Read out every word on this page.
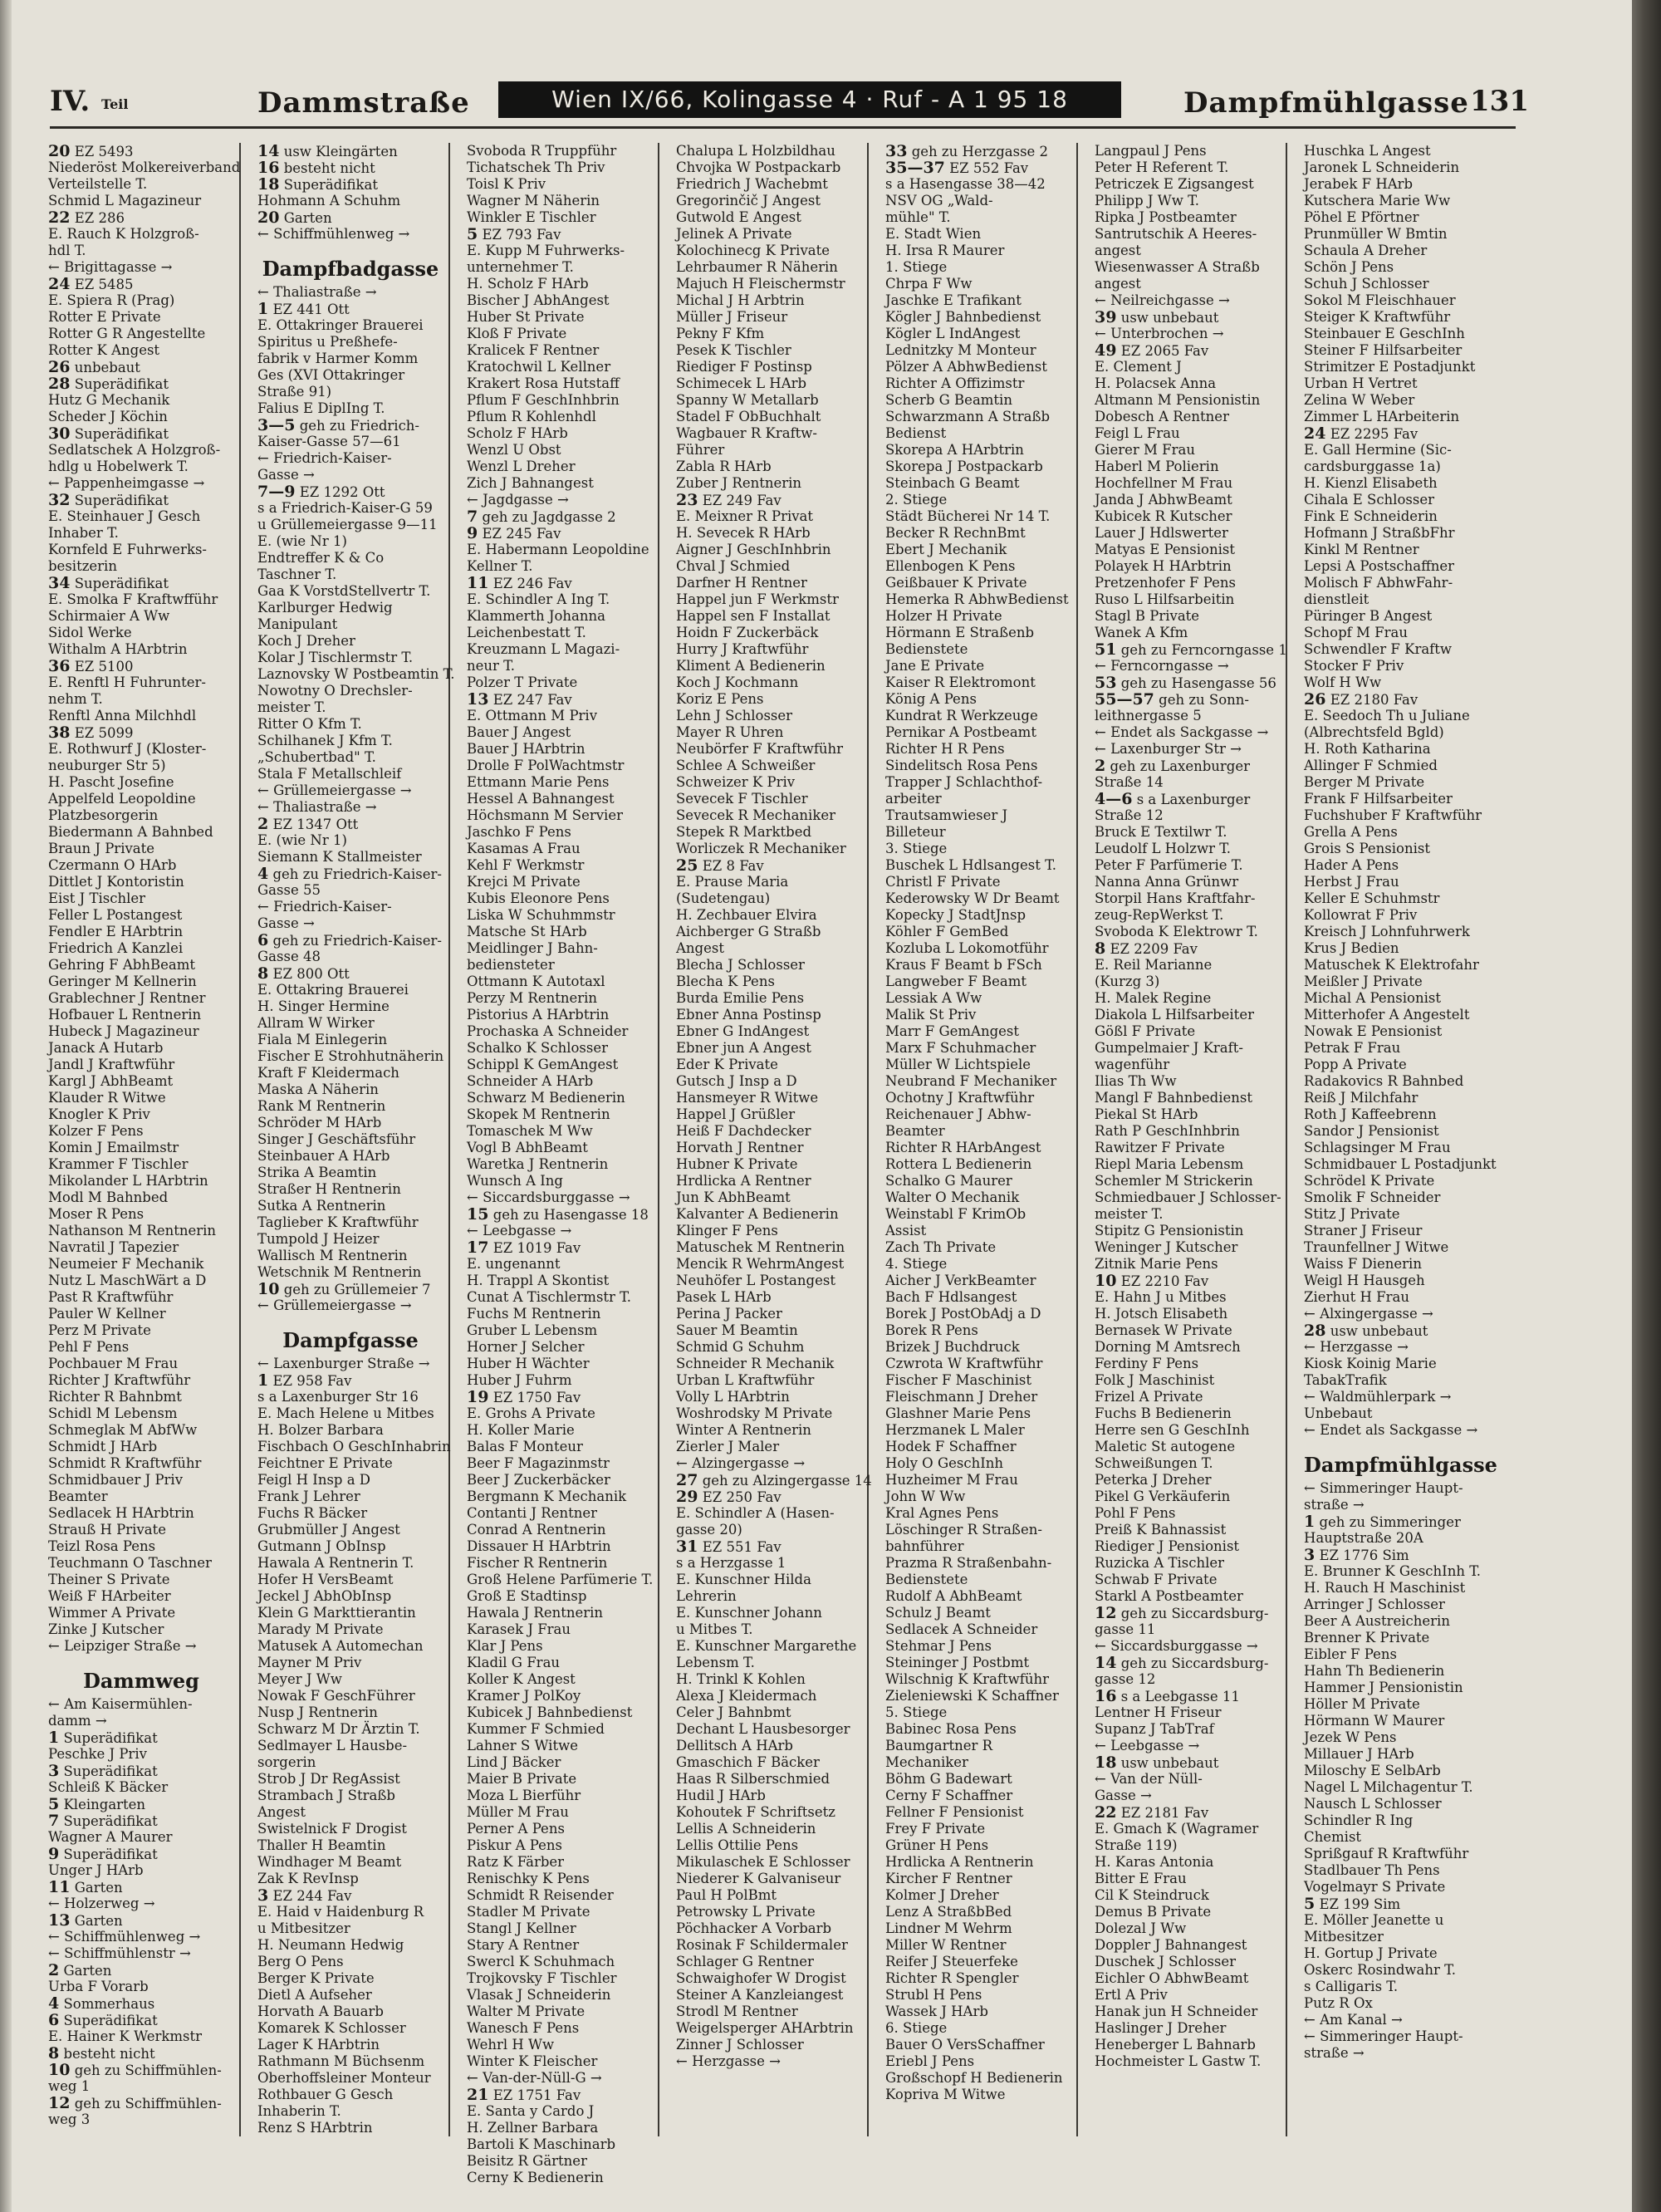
IV. Teil	Dammstraße	Wien IX/66, Kolingasse 4 · Ruf - A 1 95 18	Dampfmühlgasse 131
20 EZ 5493
Niederöst Molkereiverband
Verteilstelle T.
Schmid L Magazineur
22 EZ 286
E. Rauch K Holzgroß-
hdl T.
← Brigittagasse →
24 EZ 5485
E. Spiera R (Prag)
Rotter E Private
Rotter G R Angestellte
Rotter K Angest
26 unbebaut
28 Superädifikat
Hutz G Mechanik
Scheder J Köchin
30 Superädifikat
Sedlatschek A Holzgroß-
hdlg u Hobelwerk T.
← Pappenheimgasse →
32 Superädifikat
E. Steinhauer J Gesch
Inhaber T.
Kornfeld E Fuhrwerks-
besitzerin
34 Superädifikat
E. Smolka F Kraftwfführ
Schirmaier A Ww
Sidol Werke
Withalm A HArbtrin
36 EZ 5100
E. Renftl H Fuhrunter-
nehm T.
Renftl Anna Milchhdl
38 EZ 5099
E. Rothwurf J (Kloster-
neuburger Str 5)
H. Pascht Josefine
Appelfeld Leopoldine
Platzbesorgerin
Biedermann A Bahnbed
Braun J Private
Czermann O HArb
Dittlet J Kontoristin
Eist J Tischler
Feller L Postangest
Fendler E HArbtrin
Friedrich A Kanzlei
Gehring F AbhBeamt
Geringer M Kellnerin
Grablechner J Rentner
Hofbauer L Rentnerin
Hubeck J Magazineur
Janack A Hutarb
Jandl J Kraftwführ
Kargl J AbhBeamt
Klauder R Witwe
Knogler K Priv
Kolzer F Pens
Komin J Emailmstr
Krammer F Tischler
Mikolander L HArbtrin
Modl M Bahnbed
Moser R Pens
Nathanson M Rentnerin
Navratil J Tapezier
Neumeier F Mechanik
Nutz L MaschWärt a D
Past R Kraftwführ
Pauler W Kellner
Perz M Private
Pehl F Pens
Pochbauer M Frau
Richter J Kraftwführ
Richter R Bahnbmt
Schidl M Lebensm
Schmeglak M AbfWw
Schmidt J HArb
Schmidt R Kraftwführ
Schmidbauer J Priv
Beamter
Sedlacek H HArbtrin
Strauß H Private
Teizl Rosa Pens
Teuchmann O Taschner
Theiner S Private
Weiß F HArbeiter
Wimmer A Private
Zinke J Kutscher
← Leipziger Straße →
Dammweg
← Am Kaisermühlen-
damm →
1 Superädifikat
Peschke J Priv
3 Superädifikat
Schleiß K Bäcker
5 Kleingarten
7 Superädifikat
Wagner A Maurer
9 Superädifikat
Unger J HArb
11 Garten
← Holzerweg →
13 Garten
← Schiffmühlenweg →
← Schiffmühlenstr →
2 Garten
Urba F Vorarb
4 Sommerhaus
6 Superädifikat
E. Hainer K Werkmstr
8 besteht nicht
10 geh zu Schiffmühlen-
weg 1
12 geh zu Schiffmühlen-
weg 3
14 usw Kleingärten
16 besteht nicht
18 Superädifikat
Hohmann A Schuhm
20 Garten
← Schiffmühlenweg →
Dampfbadgasse
← Thaliastraße →
1 EZ 441 Ott
E. Ottakringer Brauerei
Spiritus u Preßhefe-
fabrik v Harmer Komm
Ges (XVI Ottakringer
Straße 91)
Falius E DiplIng T.
3—5 geh zu Friedrich-
Kaiser-Gasse 57—61
← Friedrich-Kaiser-
Gasse →
7—9 EZ 1292 Ott
s a Friedrich-Kaiser-G 59
u Grüllemeiergasse 9—11
E. (wie Nr 1)
Endtreffer K & Co
Taschner T.
Gaa K VorstdStellvertr T.
Karlburger Hedwig
Manipulant
Koch J Dreher
Kolar J Tischlermstr T.
Laznovsky W Postbeamtin T.
Nowotny O Drechsler-
meister T.
Ritter O Kfm T.
Schilhanek J Kfm T.
„Schubertbad" T.
Stala F Metallschleif
← Grüllemeiergasse →
← Thaliastraße →
2 EZ 1347 Ott
E. (wie Nr 1)
Siemann K Stallmeister
4 geh zu Friedrich-Kaiser-
Gasse 55
← Friedrich-Kaiser-
Gasse →
6 geh zu Friedrich-Kaiser-
Gasse 48
8 EZ 800 Ott
E. Ottakring Brauerei
H. Singer Hermine
Allram W Wirker
Fiala M Einlegerin
Fischer E Strohhutnäherin
Kraft F Kleidermach
Maska A Näherin
Rank M Rentnerin
Schröder M HArb
Singer J Geschäftsführ
Steinbauer A HArb
Strika A Beamtin
Straßer H Rentnerin
Sutka A Rentnerin
Taglieber K Kraftwführ
Tumpold J Heizer
Wallisch M Rentnerin
Wetschnik M Rentnerin
10 geh zu Grüllemeier 7
← Grüllemeiergasse →
Dampfgasse
← Laxenburger Straße →
1 EZ 958 Fav
s a Laxenburger Str 16
E. Mach Helene u Mitbes
H. Bolzer Barbara
Fischbach O GeschInhabrin
Feichtner E Private
Feigl H Insp a D
Frank J Lehrer
Fuchs R Bäcker
Grubmüller J Angest
Gutmann J ObInsp
Hawala A Rentnerin T.
Hofer H VersBeamt
Jeckel J AbhObInsp
Klein G Markttierantin
Marady M Private
Matusek A Automechan
Mayner M Priv
Meyer J Ww
Nowak F GeschFührer
Nusp J Rentnerin
Schwarz M Dr Ärztin T.
Sedlmayer L Hausbe-
sorgerin
Strob J Dr RegAssist
Strambach J Straßb
Angest
Swistelnick F Drogist
Thaller H Beamtin
Windhager M Beamt
Zak K RevInsp
3 EZ 244 Fav
E. Haid v Haidenburg R
u Mitbesitzer
H. Neumann Hedwig
Berg O Pens
Berger K Private
Dietl A Aufseher
Horvath A Bauarb
Komarek K Schlosser
Lager K HArbtrin
Rathmann M Büchsenm
Oberhoffsleiner Monteur
Rothbauer G Gesch
Inhaberin T.
Renz S HArbtrin
Svoboda R Truppführ
Tichatschek Th Priv
Toisl K Priv
Wagner M Näherin
Winkler E Tischler
5 EZ 793 Fav
E. Kupp M Fuhrwerks-
unternehmer T.
H. Scholz F HArb
Bischer J AbhAngest
Huber St Private
Kloß F Private
Kralicek F Rentner
Kratochwil L Kellner
Krakert Rosa Hutstaff
Pflum F GeschInhbrin
Pflum R Kohlenhdl
Scholz F HArb
Wenzl U Obst
Wenzl L Dreher
Zich J Bahnangest
← Jagdgasse →
7 geh zu Jagdgasse 2
9 EZ 245 Fav
E. Habermann Leopoldine
Kellner T.
11 EZ 246 Fav
E. Schindler A Ing T.
Klammerth Johanna
Leichenbestatt T.
Kreuzmann L Magazi-
neur T.
Polzer T Private
13 EZ 247 Fav
E. Ottmann M Priv
Bauer J Angest
Bauer J HArbtrin
Drolle F PolWachtmstr
Ettmann Marie Pens
Hessel A Bahnangest
Höchsmann M Servier
Jaschko F Pens
Kasamas A Frau
Kehl F Werkmstr
Krejci M Private
Kubis Eleonore Pens
Liska W Schuhmmstr
Matsche St HArb
Meidlinger J Bahn-
bediensteter
Ottmann K Autotaxl
Perzy M Rentnerin
Pistorius A HArbtrin
Prochaska A Schneider
Schalko K Schlosser
Schippl K GemAngest
Schneider A HArb
Schwarz M Bedienerin
Skopek M Rentnerin
Tomaschek M Ww
Vogl B AbhBeamt
Waretka J Rentnerin
Wunsch A Ing
← Siccardsburggasse →
15 geh zu Hasengasse 18
← Leebgasse →
17 EZ 1019 Fav
E. ungenannt
H. Trappl A Skontist
Cunat A Tischlermstr T.
Fuchs M Rentnerin
Gruber L Lebensm
Horner J Selcher
Huber H Wächter
Huber J Fuhrm
19 EZ 1750 Fav
E. Grohs A Private
H. Koller Marie
Balas F Monteur
Beer F Magazinmstr
Beer J Zuckerbäcker
Bergmann K Mechanik
Contanti J Rentner
Conrad A Rentnerin
Dissauer H HArbtrin
Fischer R Rentnerin
Groß Helene Parfümerie T.
Groß E Stadtinsp
Hawala J Rentnerin
Karasek J Frau
Klar J Pens
Kladil G Frau
Koller K Angest
Kramer J PolKoy
Kubicek J Bahnbedienst
Kummer F Schmied
Lahner S Witwe
Lind J Bäcker
Maier B Private
Moza L Bierführ
Müller M Frau
Perner A Pens
Piskur A Pens
Ratz K Färber
Renischky K Pens
Schmidt R Reisender
Stadler M Private
Stangl J Kellner
Stary A Rentner
Swercl K Schuhmach
Trojkovsky F Tischler
Vlasak J Schneiderin
Walter M Private
Wanesch F Pens
Wehrl H Ww
Winter K Fleischer
← Van-der-Nüll-G →
21 EZ 1751 Fav
E. Santa y Cardo J
H. Zellner Barbara
Bartoli K Maschinarb
Beisitz R Gärtner
Cerny K Bedienerin
Chalupa L Holzbildhau
Chvojka W Postpackarb
Friedrich J Wachebmt
Gregorinčič J Angest
Gutwold E Angest
Jelinek A Private
Kolochinecg K Private
Lehrbaumer R Näherin
Majuch H Fleischermstr
Michal J H Arbtrin
Müller J Friseur
Pekny F Kfm
Pesek K Tischler
Riediger F Postinsp
Schimecek L HArb
Spanny W Metallarb
Stadel F ObBuchhalt
Wagbauer R Kraftw-
Führer
Zabla R HArb
Zuber J Rentnerin
23 EZ 249 Fav
E. Meixner R Privat
H. Sevecek R HArb
Aigner J GeschInhbrin
Chval J Schmied
Darfner H Rentner
Happel jun F Werkmstr
Happel sen F Installat
Hoidn F Zuckerbäck
Hurry J Kraftwführ
Kliment A Bedienerin
Koch J Kochmann
Koriz E Pens
Lehn J Schlosser
Mayer R Uhren
Neubörfer F Kraftwführ
Schlee A Schweißer
Schweizer K Priv
Sevecek F Tischler
Sevecek R Mechaniker
Stepek R Marktbed
Worliczek R Mechaniker
25 EZ 8 Fav
E. Prause Maria
(Sudetengau)
H. Zechbauer Elvira
Aichberger G Straßb
Angest
Blecha J Schlosser
Blecha K Pens
Burda Emilie Pens
Ebner Anna Postinsp
Ebner G IndAngest
Ebner jun A Angest
Eder K Private
Gutsch J Insp a D
Hansmeyer R Witwe
Happel J Grüßler
Heiß F Dachdecker
Horvath J Rentner
Hubner K Private
Hrdlicka A Rentner
Jun K AbhBeamt
Kalvanter A Bedienerin
Klinger F Pens
Matuschek M Rentnerin
Mencik R WehrmAngest
Neuhöfer L Postangest
Pasek L HArb
Perina J Packer
Sauer M Beamtin
Schmid G Schuhm
Schneider R Mechanik
Urban L Kraftwführ
Volly L HArbtrin
Woshrodsky M Private
Winter A Rentnerin
Zierler J Maler
← Alzingergasse →
27 geh zu Alzingergasse 14
29 EZ 250 Fav
E. Schindler A (Hasen-
gasse 20)
31 EZ 551 Fav
s a Herzgasse 1
E. Kunschner Hilda
Lehrerin
E. Kunschner Johann
u Mitbes T.
E. Kunschner Margarethe
Lebensm T.
H. Trinkl K Kohlen
Alexa J Kleidermach
Celer J Bahnbmt
Dechant L Hausbesorger
Dellitsch A HArb
Gmaschich F Bäcker
Haas R Silberschmied
Hudil J HArb
Kohoutek F Schriftsetz
Lellis A Schneiderin
Lellis Ottilie Pens
Mikulaschek E Schlosser
Niederer K Galvaniseur
Paul H PolBmt
Petrowsky L Private
Pöchhacker A Vorbarb
Rosinak F Schildermaler
Schlager G Rentner
Schwaighofer W Drogist
Steiner A Kanzleiangest
Strodl M Rentner
Weigelsperger AHArbtrin
Zinner J Schlosser
← Herzgasse →
33 geh zu Herzgasse 2
35—37 EZ 552 Fav
s a Hasengasse 38—42
NSV OG „Wald-
mühle" T.
E. Stadt Wien
H. Irsa R Maurer
1. Stiege
Chrpa F Ww
Jaschke E Trafikant
Kögler J Bahnbedienst
Kögler L IndAngest
Lednitzky M Monteur
Pölzer A AbhwBedienst
Richter A Offizimstr
Scherb G Beamtin
Schwarzmann A Straßb
Bedienst
Skorepa A HArbtrin
Skorepa J Postpackarb
Steinbach G Beamt
2. Stiege
Städt Bücherei Nr 14 T.
Becker R RechnBmt
Ebert J Mechanik
Ellenbogen K Pens
Geißbauer K Private
Hemerka R AbhwBedienst
Holzer H Private
Hörmann E Straßenb
Bedienstete
Jane E Private
Kaiser R Elektromont
König A Pens
Kundrat R Werkzeuge
Pernikar A Postbeamt
Richter H R Pens
Sindelitsch Rosa Pens
Trapper J Schlachthof-
arbeiter
Trautsamwieser J
Billeteur
3. Stiege
Buschek L Hdlsangest T.
Christl F Private
Kederowsky W Dr Beamt
Kopecky J StadtJnsp
Köhler F GemBed
Kozluba L Lokomotführ
Kraus F Beamt b FSch
Langweber F Beamt
Lessiak A Ww
Malik St Priv
Marr F GemAngest
Marx F Schuhmacher
Müller W Lichtspiele
Neubrand F Mechaniker
Ochotny J Kraftwführ
Reichenauer J Abhw-
Beamter
Richter R HArbAngest
Rottera L Bedienerin
Schalko G Maurer
Walter O Mechanik
Weinstabl F KrimOb
Assist
Zach Th Private
4. Stiege
Aicher J VerkBeamter
Bach F Hdlsangest
Borek J PostObAdj a D
Borek R Pens
Brizek J Buchdruck
Czwrota W Kraftwführ
Fischer F Maschinist
Fleischmann J Dreher
Glashner Marie Pens
Herzmanek L Maler
Hodek F Schaffner
Holy O GeschInh
Huzheimer M Frau
John W Ww
Kral Agnes Pens
Löschinger R Straßen-
bahnführer
Prazma R Straßenbahn-
Bedienstete
Rudolf A AbhBeamt
Schulz J Beamt
Sedlacek A Schneider
Stehmar J Pens
Steininger J Postbmt
Wilschnig K Kraftwführ
Zieleniewski K Schaffner
5. Stiege
Babinec Rosa Pens
Baumgartner R
Mechaniker
Böhm G Badewart
Cerny F Schaffner
Fellner F Pensionist
Frey F Private
Grüner H Pens
Hrdlicka A Rentnerin
Kircher F Rentner
Kolmer J Dreher
Lenz A StraßbBed
Lindner M Wehrm
Miller W Rentner
Reifer J Steuerfeke
Richter R Spengler
Strubl H Pens
Wassek J HArb
6. Stiege
Bauer O VersSchaffner
Eriebl J Pens
Großschopf H Bedienerin
Kopriva M Witwe
Langpaul J Pens
Peter H Referent T.
Petriczek E Zigsangest
Philipp J Ww T.
Ripka J Postbeamter
Santrutschik A Heeres-
angest
Wiesenwasser A Straßb
angest
← Neilreichgasse →
39 usw unbebaut
← Unterbrochen →
49 EZ 2065 Fav
E. Clement J
H. Polacsek Anna
Altmann M Pensionistin
Dobesch A Rentner
Feigl L Frau
Gierer M Frau
Haberl M Polierin
Hochfellner M Frau
Janda J AbhwBeamt
Kubicek R Kutscher
Lauer J Hdlswerter
Matyas E Pensionist
Polayek H HArbtrin
Pretzenhofer F Pens
Ruso L Hilfsarbeitin
Stagl B Private
Wanek A Kfm
51 geh zu Ferncorngasse 1
← Ferncorngasse →
53 geh zu Hasengasse 56
55—57 geh zu Sonn-
leithnergasse 5
← Endet als Sackgasse →
← Laxenburger Str →
2 geh zu Laxenburger
Straße 14
4—6 s a Laxenburger
Straße 12
Bruck E Textilwr T.
Leudolf L Holzwr T.
Peter F Parfümerie T.
Nanna Anna Grünwr
Storpil Hans Kraftfahr-
zeug-RepWerkst T.
Svoboda K Elektrowr T.
8 EZ 2209 Fav
E. Reil Marianne
(Kurzg 3)
H. Malek Regine
Diakola L Hilfsarbeiter
Gößl F Private
Gumpelmaier J Kraft-
wagenführ
Ilias Th Ww
Mangl F Bahnbedienst
Piekal St HArb
Rath P GeschInhbrin
Rawitzer F Private
Riepl Maria Lebensm
Schemler M Strickerin
Schmiedbauer J Schlosser-
meister T.
Stipitz G Pensionistin
Weninger J Kutscher
Zitnik Marie Pens
10 EZ 2210 Fav
E. Hahn J u Mitbes
H. Jotsch Elisabeth
Bernasek W Private
Dorning M Amtsrech
Ferdiny F Pens
Folk J Maschinist
Frizel A Private
Fuchs B Bedienerin
Herre sen G GeschInh
Maletic St autogene
Schweißungen T.
Peterka J Dreher
Pikel G Verkäuferin
Pohl F Pens
Preiß K Bahnassist
Riediger J Pensionist
Ruzicka A Tischler
Schwab F Private
Starkl A Postbeamter
12 geh zu Siccardsburg-
gasse 11
← Siccardsburggasse →
14 geh zu Siccardsburg-
gasse 12
16 s a Leebgasse 11
Lentner H Friseur
Supanz J TabTraf
← Leebgasse →
18 usw unbebaut
← Van der Nüll-
Gasse →
22 EZ 2181 Fav
E. Gmach K (Wagramer
Straße 119)
H. Karas Antonia
Bitter E Frau
Cil K Steindruck
Demus B Private
Dolezal J Ww
Doppler J Bahnangest
Duschek J Schlosser
Eichler O AbhwBeamt
Ertl A Priv
Hanak jun H Schneider
Haslinger J Dreher
Heneberger L Bahnarb
Hochmeister L Gastw T.
Huschka L Angest
Jaronek L Schneiderin
Jerabek F HArb
Kutschera Marie Ww
Pöhel E Pförtner
Prunmüller W Bmtin
Schaula A Dreher
Schön J Pens
Schuh J Schlosser
Sokol M Fleischhauer
Steiger K Kraftwführ
Steinbauer E GeschInh
Steiner F Hilfsarbeiter
Strimitzer E Postadjunkt
Urban H Vertret
Zelina W Weber
Zimmer L HArbeiterin
24 EZ 2295 Fav
E. Gall Hermine (Sic-
cardsburggasse 1a)
H. Kienzl Elisabeth
Cihala E Schlosser
Fink E Schneiderin
Hofmann J StraßbFhr
Kinkl M Rentner
Lepsi A Postschaffner
Molisch F AbhwFahr-
dienstleit
Püringer B Angest
Schopf M Frau
Schwendler F Kraftw
Stocker F Priv
Wolf H Ww
26 EZ 2180 Fav
E. Seedoch Th u Juliane
(Albrechtsfeld Bgld)
H. Roth Katharina
Allinger F Schmied
Berger M Private
Frank F Hilfsarbeiter
Fuchshuber F Kraftwführ
Grella A Pens
Grois S Pensionist
Hader A Pens
Herbst J Frau
Keller E Schuhmstr
Kollowrat F Priv
Kreisch J Lohnfuhrwerk
Krus J Bedien
Matuschek K Elektrofahr
Meißler J Private
Michal A Pensionist
Mitterhofer A Angestelt
Nowak E Pensionist
Petrak F Frau
Popp A Private
Radakovics R Bahnbed
Reiß J Milchfahr
Roth J Kaffeebrenn
Sandor J Pensionist
Schlagsinger M Frau
Schmidbauer L Postadjunkt
Schrödel K Private
Smolik F Schneider
Stitz J Private
Straner J Friseur
Traunfellner J Witwe
Waiss F Dienerin
Weigl H Hausgeh
Zierhut H Frau
← Alxingergasse →
28 usw unbebaut
← Herzgasse →
Kiosk Koinig Marie
TabakTrafik
← Waldmühlerpark →
Unbebaut
← Endet als Sackgasse →
Dampfmühlgasse
← Simmeringer Haupt-
straße →
1 geh zu Simmeringer
Hauptstraße 20A
3 EZ 1776 Sim
E. Brunner K GeschInh T.
H. Rauch H Maschinist
Arringer J Schlosser
Beer A Austreicherin
Brenner K Private
Eibler F Pens
Hahn Th Bedienerin
Hammer J Pensionistin
Höller M Private
Hörmann W Maurer
Jezek W Pens
Millauer J HArb
Miloschy E SelbArb
Nagel L Milchagentur T.
Nausch L Schlosser
Schindler R Ing
Chemist
Sprißgauf R Kraftwführ
Stadlbauer Th Pens
Vogelmayr S Private
5 EZ 199 Sim
E. Möller Jeanette u
Mitbesitzer
H. Gortup J Private
Oskerc Rosindwahr T.
s Calligaris T.
Putz R Ox
← Am Kanal →
← Simmeringer Haupt-
straße →
